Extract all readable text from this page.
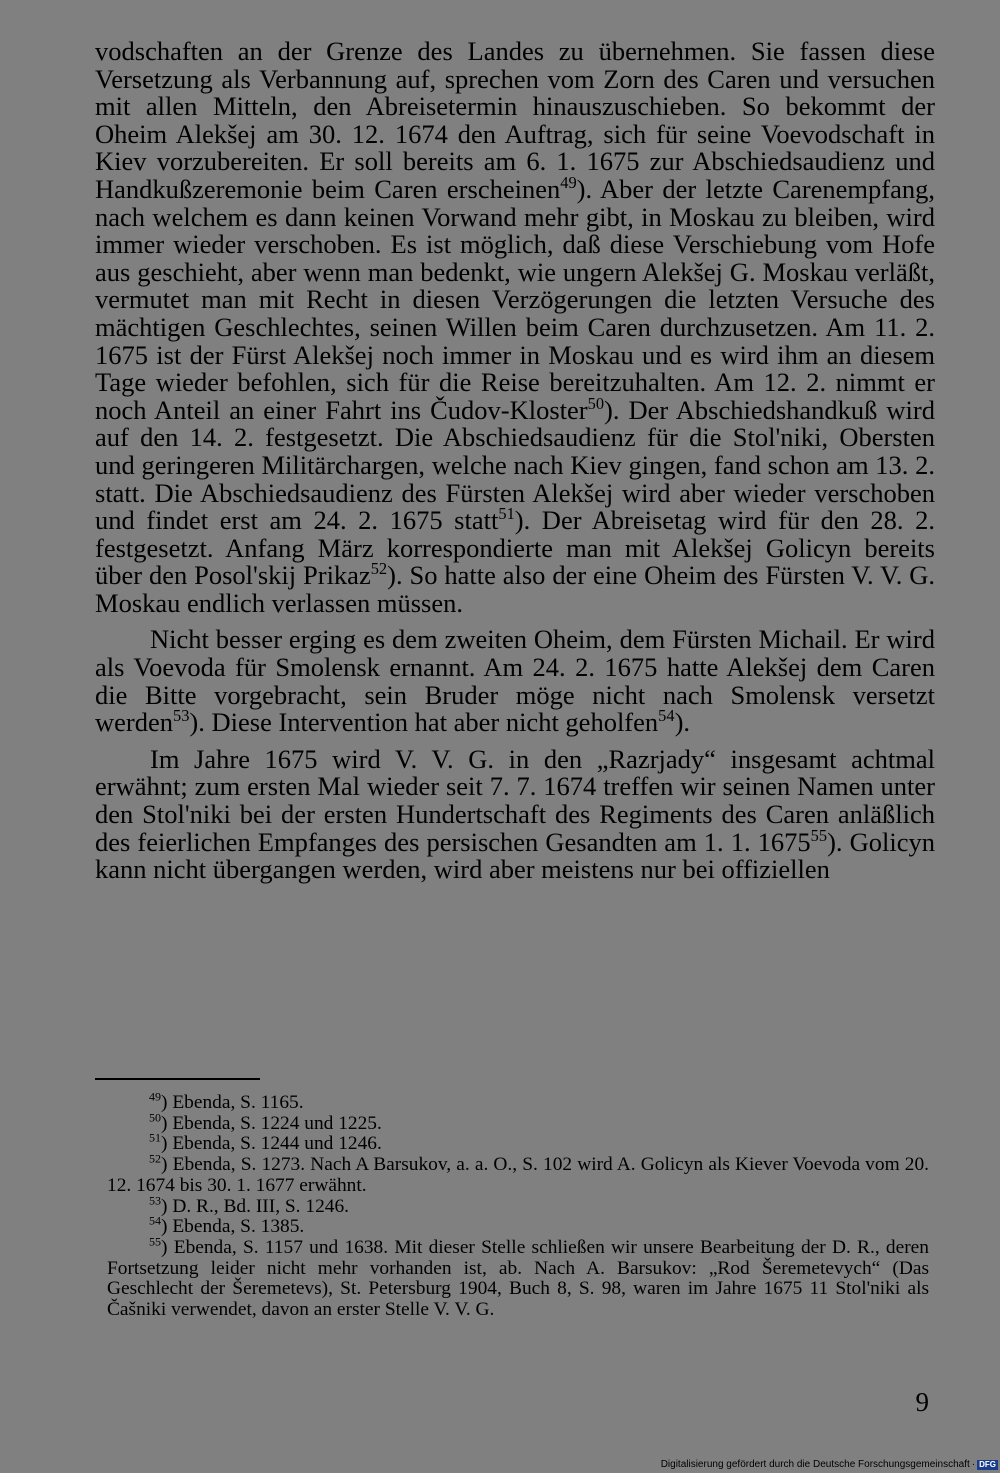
vodschaften an der Grenze des Landes zu übernehmen. Sie fassen diese Versetzung als Verbannung auf, sprechen vom Zorn des Caren und versuchen mit allen Mitteln, den Abreisetermin hinauszuschieben. So bekommt der Oheim Alekšej am 30. 12. 1674 den Auftrag, sich für seine Voevodschaft in Kiev vorzubereiten. Er soll bereits am 6. 1. 1675 zur Abschiedsaudienz und Handkußzeremonie beim Caren erscheinen$^{49}$). Aber der letzte Carenempfang, nach welchem es dann keinen Vorwand mehr gibt, in Moskau zu bleiben, wird immer wieder verschoben. Es ist möglich, daß diese Verschiebung vom Hofe aus geschieht, aber wenn man bedenkt, wie ungern Alekšej G. Moskau verläßt, vermutet man mit Recht in diesen Verzögerungen die letzten Versuche des mächtigen Geschlechtes, seinen Willen beim Caren durchzusetzen. Am 11. 2. 1675 ist der Fürst Alekšej noch immer in Moskau und es wird ihm an diesem Tage wieder befohlen, sich für die Reise bereitzuhalten. Am 12. 2. nimmt er noch Anteil an einer Fahrt ins Čudov-Kloster$^{50}$). Der Abschiedshandkuß wird auf den 14. 2. festgesetzt. Die Abschiedsaudienz für die Stol'niki, Obersten und geringeren Militärchargen, welche nach Kiev gingen, fand schon am 13. 2. statt. Die Abschiedsaudienz des Fürsten Alekšej wird aber wieder verschoben und findet erst am 24. 2. 1675 statt$^{51}$). Der Abreisetag wird für den 28. 2. festgesetzt. Anfang März korrespondierte man mit Alekšej Golicyn bereits über den Posol'skij Prikaz$^{52}$). So hatte also der eine Oheim des Fürsten V. V. G. Moskau endlich verlassen müssen.

Nicht besser erging es dem zweiten Oheim, dem Fürsten Michail. Er wird als Voevoda für Smolensk ernannt. Am 24. 2. 1675 hatte Alekšej dem Caren die Bitte vorgebracht, sein Bruder möge nicht nach Smolensk versetzt werden$^{53}$). Diese Intervention hat aber nicht geholfen$^{54}$).

Im Jahre 1675 wird V. V. G. in den „Razrjady“ insgesamt achtmal erwähnt; zum ersten Mal wieder seit 7. 7. 1674 treffen wir seinen Namen unter den Stol'niki bei der ersten Hundertschaft des Regiments des Caren anläßlich des feierlichen Empfanges des persischen Gesandten am 1. 1. 1675$^{55}$). Golicyn kann nicht übergangen werden, wird aber meistens nur bei offiziellen

$^{49}$) Ebenda, S. 1165.

$^{50}$) Ebenda, S. 1224 und 1225.

$^{51}$) Ebenda, S. 1244 und 1246.

$^{52}$) Ebenda, S. 1273. Nach A Barsukov, a. a. O., S. 102 wird A. Golicyn als Kiever Voevoda vom 20. 12. 1674 bis 30. 1. 1677 erwähnt.

$^{53}$) D. R., Bd. III, S. 1246.

$^{54}$) Ebenda, S. 1385.

$^{55}$) Ebenda, S. 1157 und 1638. Mit dieser Stelle schließen wir unsere Bearbeitung der D. R., deren Fortsetzung leider nicht mehr vorhanden ist, ab. Nach A. Barsukov: „Rod Šeremetevych“ (Das Geschlecht der Šeremetevs), St. Petersburg 1904, Buch 8, S. 98, waren im Jahre 1675 11 Stol'niki als Čašniki verwendet, davon an erster Stelle V. V. G.

9
Digitalisierung gefördert durch die Deutsche Forschungsgemeinschaft · DFG
